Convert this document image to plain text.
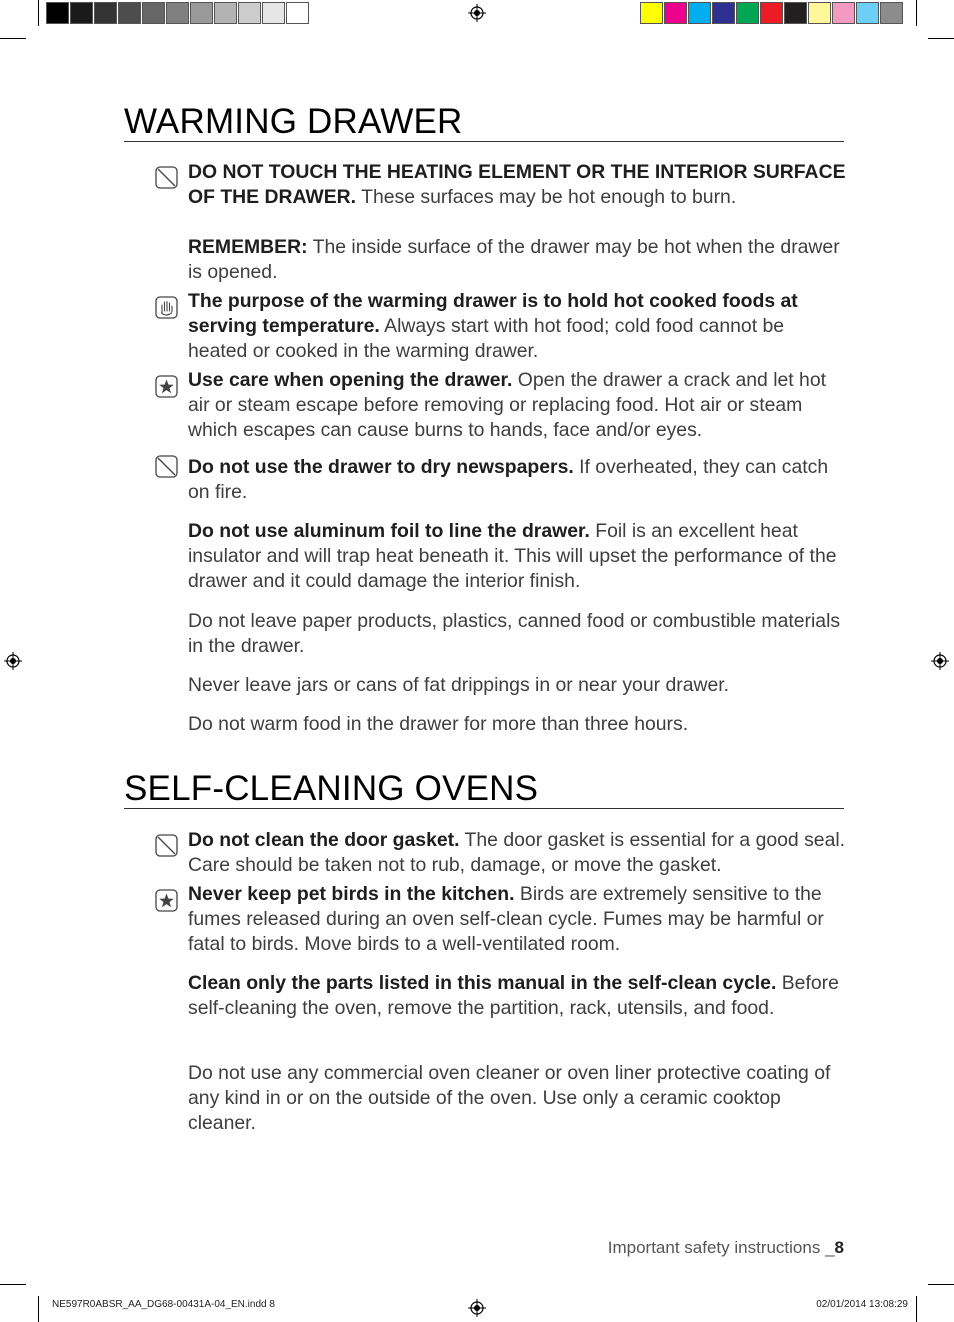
WARMING DRAWER

DO NOT TOUCH THE HEATING ELEMENT OR THE INTERIOR SURFACE OF THE DRAWER. These surfaces may be hot enough to burn.

REMEMBER: The inside surface of the drawer may be hot when the drawer is opened.

The purpose of the warming drawer is to hold hot cooked foods at serving temperature. Always start with hot food; cold food cannot be heated or cooked in the warming drawer.

Use care when opening the drawer. Open the drawer a crack and let hot air or steam escape before removing or replacing food. Hot air or steam which escapes can cause burns to hands, face and/or eyes.

Do not use the drawer to dry newspapers. If overheated, they can catch on fire.

Do not use aluminum foil to line the drawer. Foil is an excellent heat insulator and will trap heat beneath it. This will upset the performance of the drawer and it could damage the interior finish.

Do not leave paper products, plastics, canned food or combustible materials in the drawer.

Never leave jars or cans of fat drippings in or near your drawer.

Do not warm food in the drawer for more than three hours.

SELF-CLEANING OVENS

Do not clean the door gasket. The door gasket is essential for a good seal. Care should be taken not to rub, damage, or move the gasket.

Never keep pet birds in the kitchen. Birds are extremely sensitive to the fumes released during an oven self-clean cycle. Fumes may be harmful or fatal to birds. Move birds to a well-ventilated room.

Clean only the parts listed in this manual in the self-clean cycle. Before self-cleaning the oven, remove the partition, rack, utensils, and food.

Do not use any commercial oven cleaner or oven liner protective coating of any kind in or on the outside of the oven. Use only a ceramic cooktop cleaner.

Important safety instructions _8
NE597R0ABSR_AA_DG68-00431A-04_EN.indd 8	02/01/2014 13:08:29
